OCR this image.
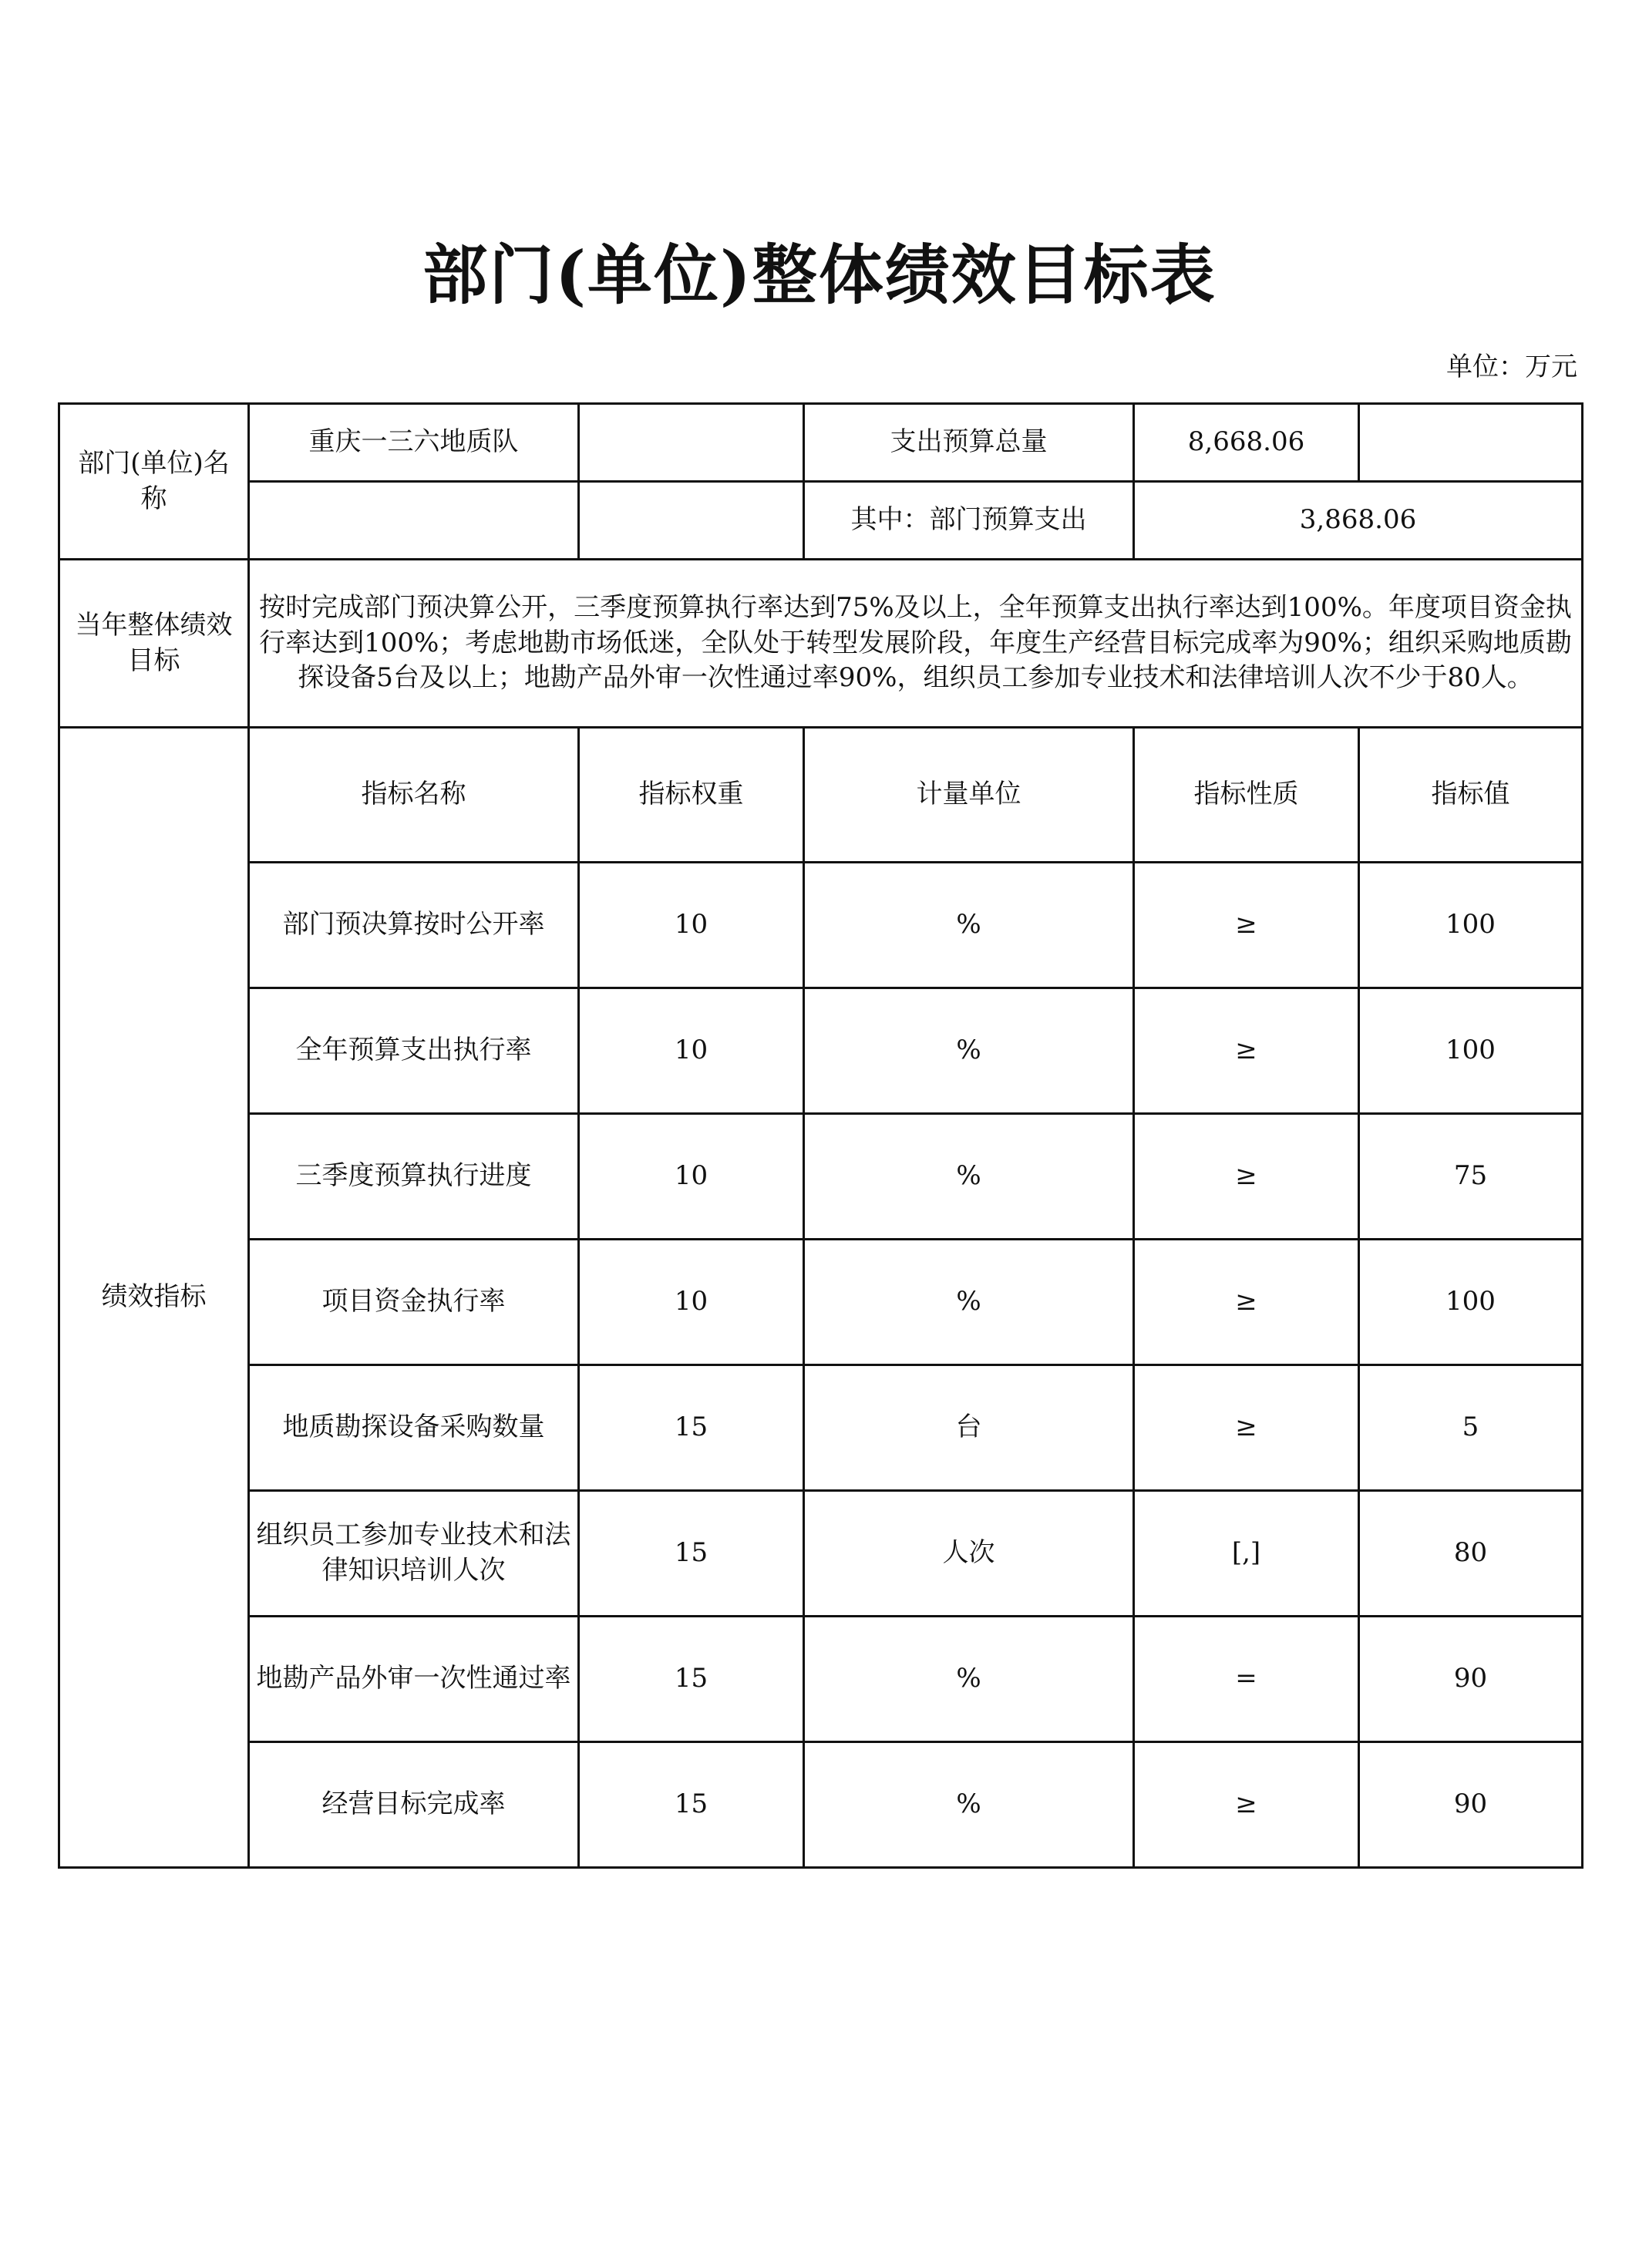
部门(单位)整体绩效目标表
单位：万元
部门(单位)名称	重庆一三六地质队		支出预算总量	8,668.06	
			其中：部门预算支出	3,868.06	
当年整体绩效目标	按时完成部门预决算公开，三季度预算执行率达到75%及以上，全年预算支出执行率达到100%。年度项目资金执行率达到100%；考虑地勘市场低迷，全队处于转型发展阶段，年度生产经营目标完成率为90%；组织采购地质勘探设备5台及以上；地勘产品外审一次性通过率90%，组织员工参加专业技术和法律培训人次不少于80人。				
绩效指标	指标名称	指标权重	计量单位	指标性质	指标值
	部门预决算按时公开率	10	%	≥	100
	全年预算支出执行率	10	%	≥	100
	三季度预算执行进度	10	%	≥	75
	项目资金执行率	10	%	≥	100
	地质勘探设备采购数量	15	台	≥	5
	组织员工参加专业技术和法律知识培训人次	15	人次	[,]	80
	地勘产品外审一次性通过率	15	%	=	90
	经营目标完成率	15	%	≥	90
